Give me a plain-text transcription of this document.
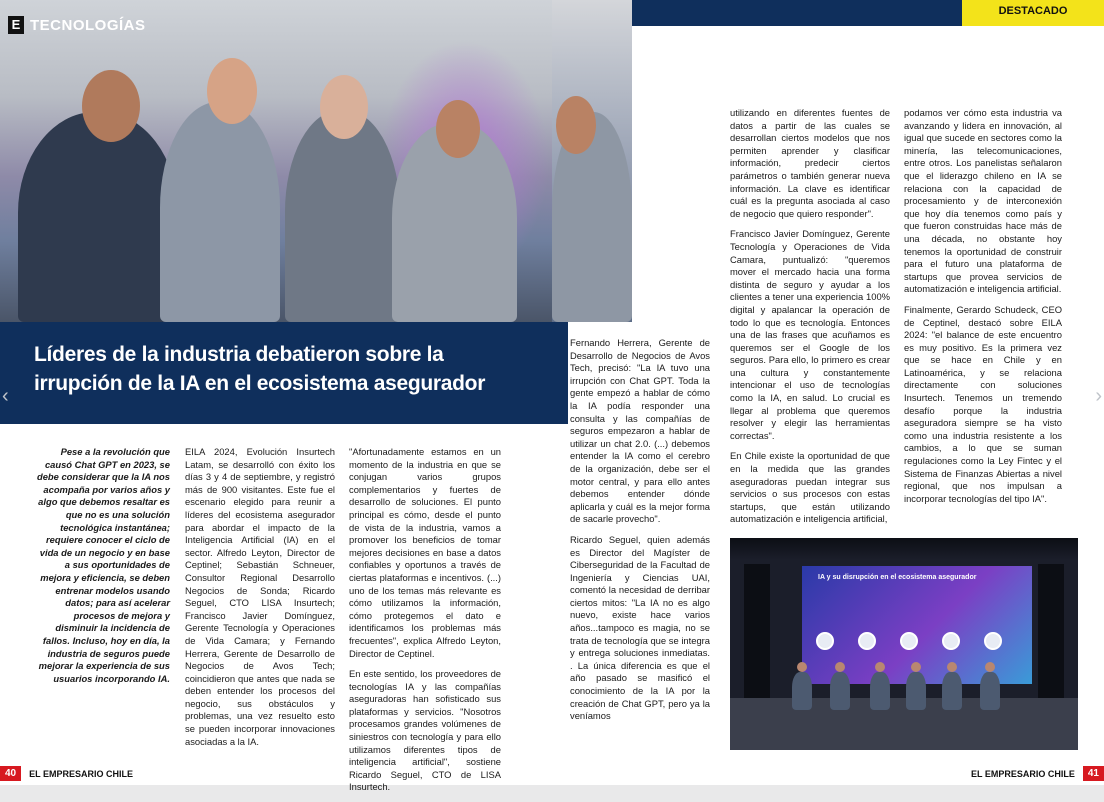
E TECNOLOGÍAS
Líderes de la industria debatieron sobre la irrupción de la IA en el ecosistema asegurador

Pese a la revolución que causó Chat GPT en 2023, se debe considerar que la IA nos acompaña por varios años y algo que debemos resaltar es que no es una solución tecnológica instantánea; requiere conocer el ciclo de vida de un negocio y en base a sus oportunidades de mejora y eficiencia, se deben entrenar modelos usando datos; para así acelerar procesos de mejora y disminuir la incidencia de fallos. Incluso, hoy en día, la industria de seguros puede mejorar la experiencia de sus usuarios incorporando IA.

EILA 2024, Evolución Insurtech Latam, se desarrolló con éxito los días 3 y 4 de septiembre, y registró más de 900 visitantes. Este fue el escenario elegido para reunir a líderes del ecosistema asegurador para abordar el impacto de la Inteligencia Artificial (IA) en el sector. Alfredo Leyton, Director de Ceptinel; Sebastián Schneuer, Consultor Regional Desarrollo Negocios de Sonda; Ricardo Seguel, CTO LISA Insurtech; Francisco Javier Domínguez, Gerente Tecnología y Operaciones de Vida Camara; y Fernando Herrera, Gerente de Desarrollo de Negocios de Avos Tech; coincidieron que antes que nada se deben entender los procesos del negocio, sus obstáculos y problemas, una vez resuelto esto se pueden incorporar innovaciones asociadas a la IA.

"Afortunadamente estamos en un momento de la industria en que se conjugan varios grupos complementarios y fuertes de desarrollo de soluciones. El punto principal es cómo, desde el punto de vista de la industria, vamos a promover los beneficios de tomar mejores decisiones en base a datos confiables y oportunos a través de ciertas plataformas e incentivos. (...) uno de los temas más relevante es cómo utilizamos la información, cómo protegemos el dato e identificamos los problemas más frecuentes", explica Alfredo Leyton, Director de Ceptinel.

En este sentido, los proveedores de tecnologías IA y las compañías aseguradoras han sofisticado sus plataformas y servicios. "Nosotros procesamos grandes volúmenes de siniestros con tecnología y para ello utilizamos diferentes tipos de inteligencia artificial", sostiene Ricardo Seguel, CTO de LISA Insurtech.

40	EL EMPRESARIO CHILE
‹
DESTACADO

Fernando Herrera, Gerente de Desarrollo de Negocios de Avos Tech, precisó: "La IA tuvo una irrupción con Chat GPT. Toda la gente empezó a hablar de cómo la IA podía responder una consulta y las compañías de seguros empezaron a hablar de utilizar un chat 2.0. (...) debemos entender la IA como el cerebro de la organización, debe ser el motor central, y para ello antes debemos entender dónde aplicarla y cuál es la mejor forma de sacarle provecho".

Ricardo Seguel, quien además es Director del Magíster de Ciberseguridad de la Facultad de Ingeniería y Ciencias UAI, comentó la necesidad de derribar ciertos mitos: "La IA no es algo nuevo, existe hace varios años...tampoco es magia, no se trata de tecnología que se integra y entrega soluciones inmediatas. . La única diferencia es que el año pasado se masificó el conocimiento de la IA por la creación de Chat GPT, pero ya la veníamos

utilizando en diferentes fuentes de datos a partir de las cuales se desarrollan ciertos modelos que nos permiten aprender y clasificar información, predecir ciertos parámetros o también generar nueva información. La clave es identificar cuál es la pregunta asociada al caso de negocio que quiero responder".

Francisco Javier Domínguez, Gerente Tecnología y Operaciones de Vida Camara, puntualizó: "queremos mover el mercado hacia una forma distinta de seguro y ayudar a los clientes a tener una experiencia 100% digital y apalancar la operación de todo lo que es tecnología. Entonces una de las frases que acuñamos es queremos ser el Google de los seguros. Para ello, lo primero es crear una cultura y constantemente intencionar el uso de tecnologías como la IA, en salud. Lo crucial es llegar al problema que queremos resolver y elegir las herramientas correctas".

En Chile existe la oportunidad de que en la medida que las grandes aseguradoras puedan integrar sus servicios o sus procesos con estas startups, que están utilizando automatización e inteligencia artificial,

podamos ver cómo esta industria va avanzando y lidera en innovación, al igual que sucede en sectores como la minería, las telecomunicaciones, entre otros. Los panelistas señalaron que el liderazgo chileno en IA se relaciona con la capacidad de procesamiento y de interconexión que hoy día tenemos como país y que fueron construidas hace más de una década, no obstante hoy tenemos la oportunidad de construir para el futuro una plataforma de startups que provea servicios de automatización e inteligencia artificial.

Finalmente, Gerardo Schudeck, CEO de Ceptinel, destacó sobre EILA 2024: "el balance de este encuentro es muy positivo. Es la primera vez que se hace en Chile y en Latinoamérica, y se relaciona directamente con soluciones Insurtech. Tenemos un tremendo desafío porque la industria aseguradora siempre se ha visto como una industria resistente a los cambios, a lo que se suman regulaciones como la Ley Fintec y el Sistema de Finanzas Abiertas a nivel regional, que nos impulsan a incorporar tecnologías del tipo IA".

IA y su disrupción en el ecosistema asegurador
EL EMPRESARIO CHILE	41
›
